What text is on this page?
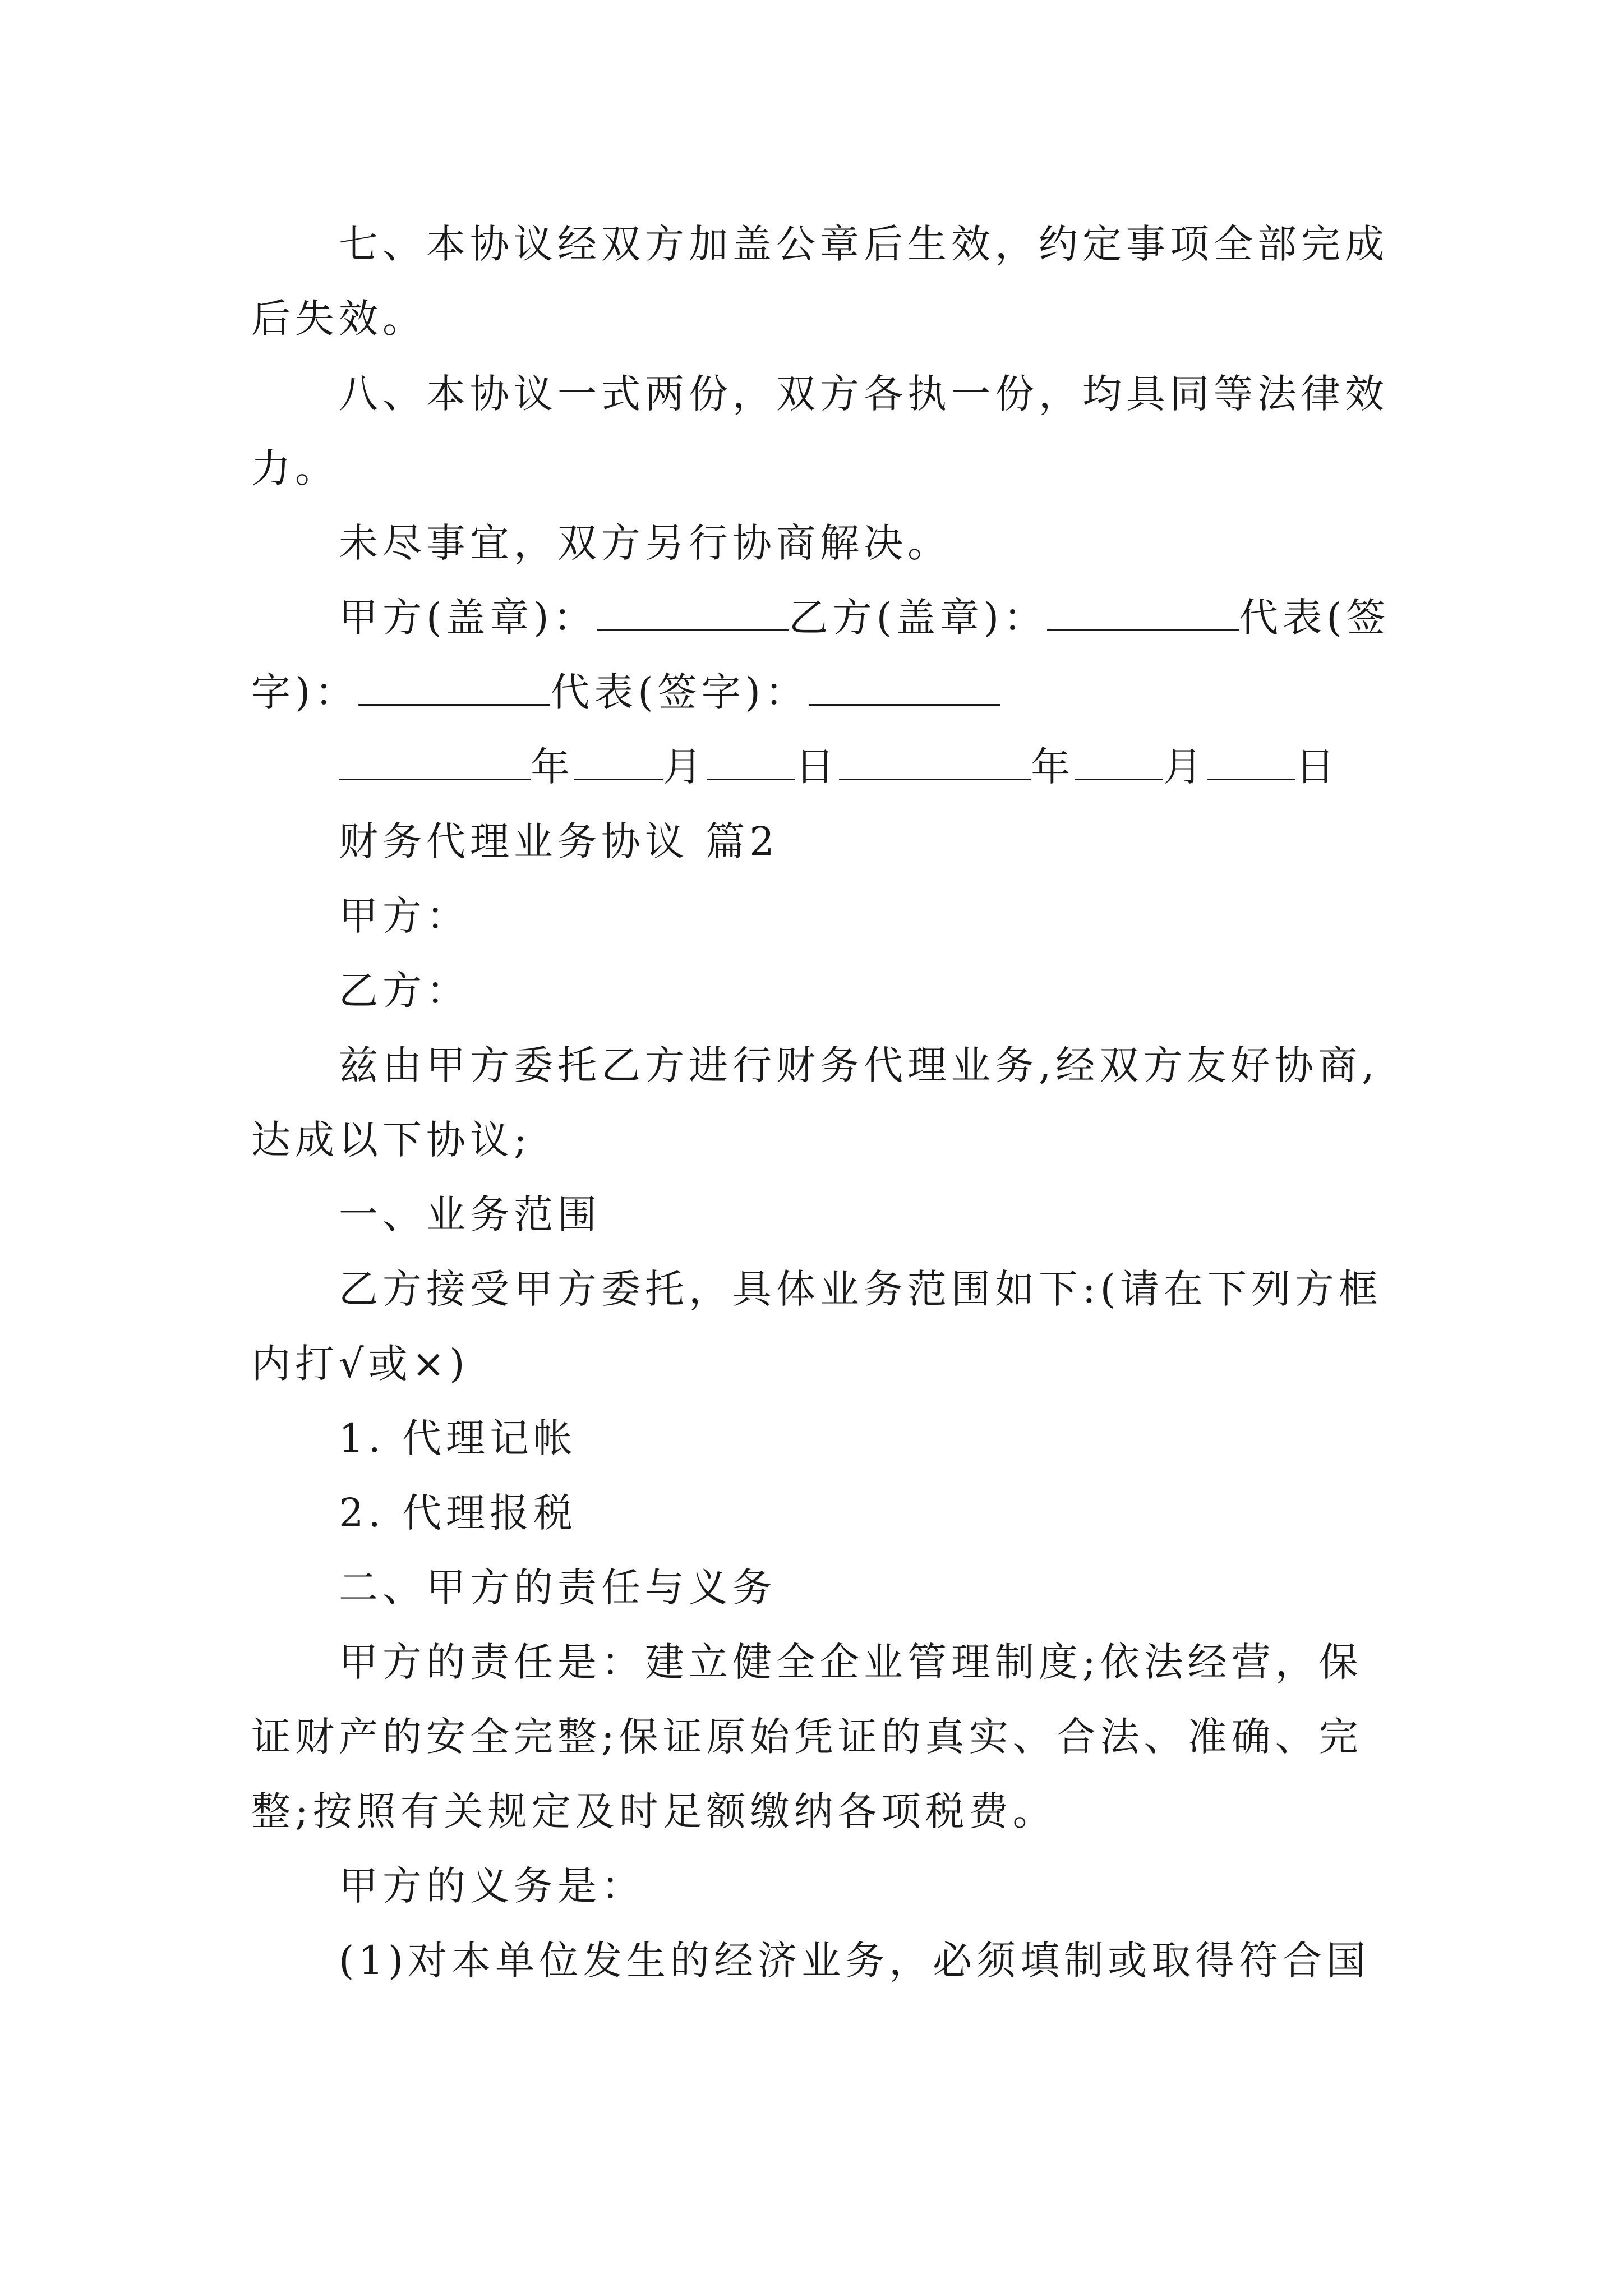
七、本协议经双方加盖公章后生效，约定事项全部完成
后失效。
八、本协议一式两份，双方各执一份，均具同等法律效
力。
未尽事宜，双方另行协商解决。
甲方(盖章)：	乙方(盖章)：	代表(签
字)：	代表(签字)：
年 月 日	年 月 日
财务代理业务协议 篇2
甲方：
乙方：
兹由甲方委托乙方进行财务代理业务,经双方友好协商,
达成以下协议;
一、业务范围
乙方接受甲方委托，具体业务范围如下:(请在下列方框
内打√或×)
1. 代理记帐
2. 代理报税
二、甲方的责任与义务
甲方的责任是：建立健全企业管理制度;依法经营，保
证财产的安全完整;保证原始凭证的真实、合法、准确、完
整;按照有关规定及时足额缴纳各项税费。
甲方的义务是：
(1)对本单位发生的经济业务，必须填制或取得符合国
